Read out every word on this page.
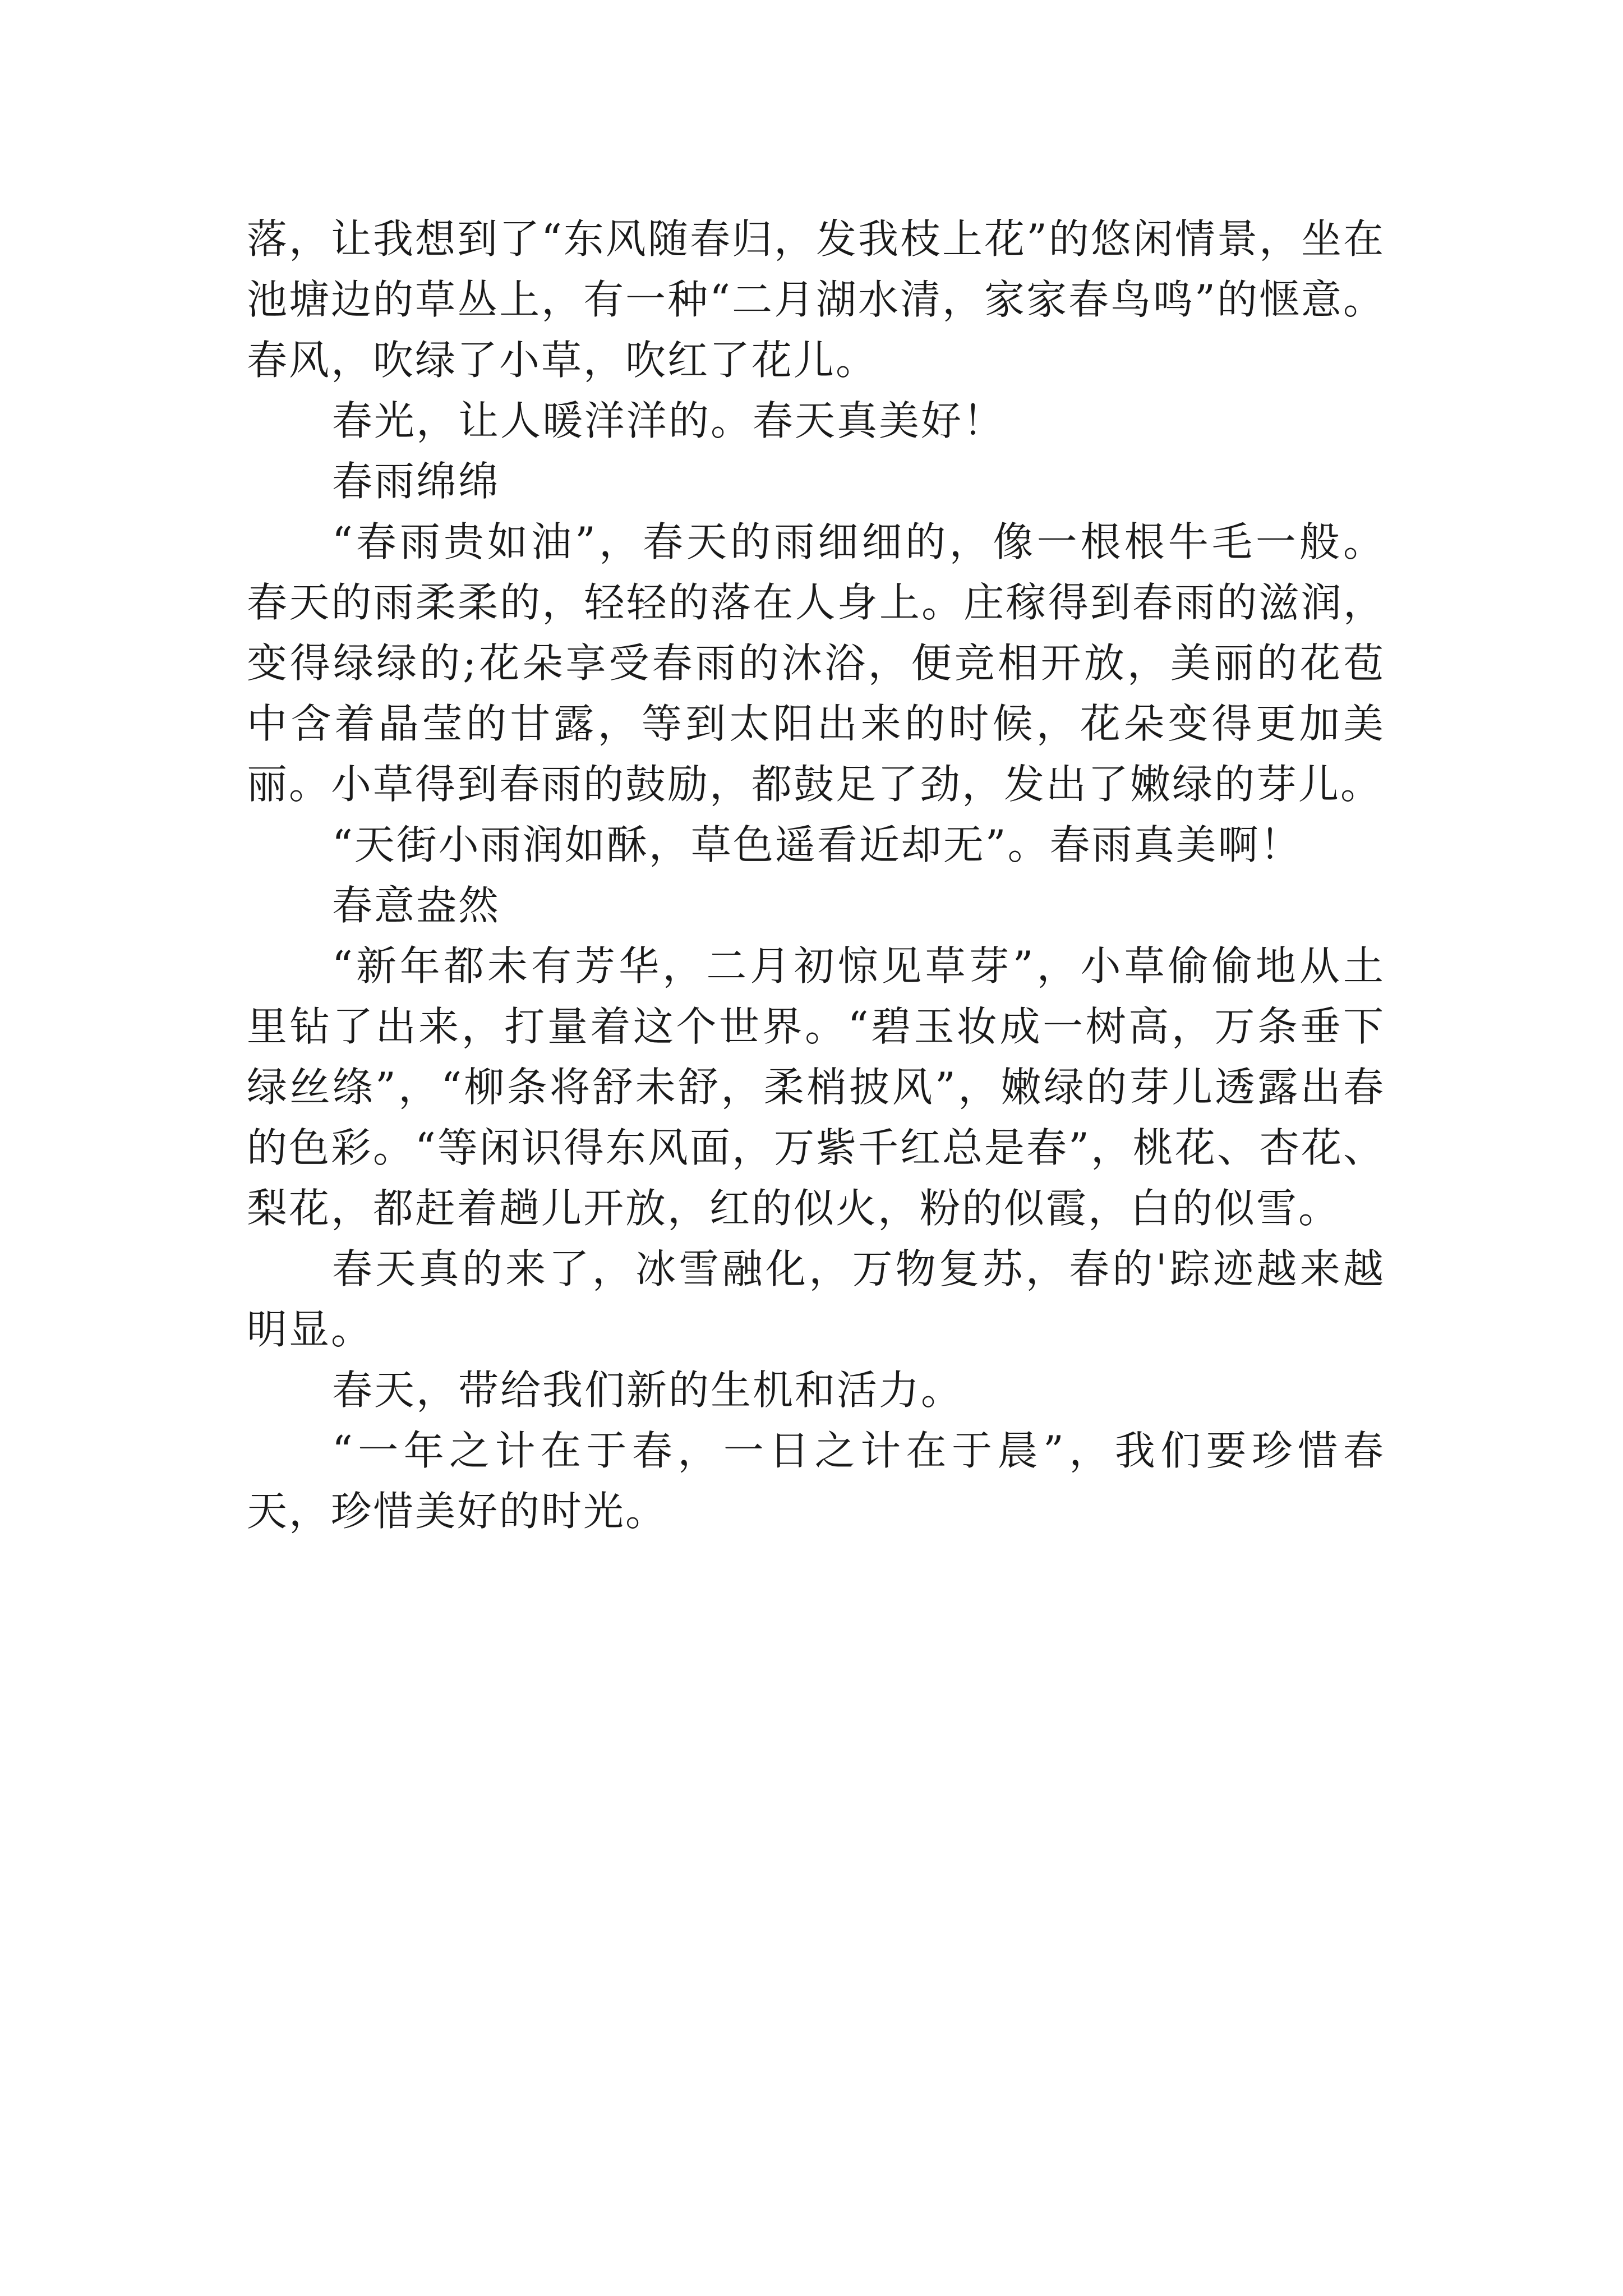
落，让我想到了“东风随春归，发我枝上花”的悠闲情景，坐在池塘边的草丛上，有一种“二月湖水清，家家春鸟鸣”的惬意。春风，吹绿了小草，吹红了花儿。

春光，让人暖洋洋的。春天真美好！

春雨绵绵

“春雨贵如油”，春天的雨细细的，像一根根牛毛一般。春天的雨柔柔的，轻轻的落在人身上。庄稼得到春雨的滋润，变得绿绿的;花朵享受春雨的沐浴，便竞相开放，美丽的花苞中含着晶莹的甘露，等到太阳出来的时候，花朵变得更加美丽。小草得到春雨的鼓励，都鼓足了劲，发出了嫩绿的芽儿。

“天街小雨润如酥，草色遥看近却无”。春雨真美啊！

春意盎然

“新年都未有芳华，二月初惊见草芽”，小草偷偷地从土里钻了出来，打量着这个世界。“碧玉妆成一树高，万条垂下绿丝绦”，“柳条将舒未舒，柔梢披风”，嫩绿的芽儿透露出春的色彩。“等闲识得东风面，万紫千红总是春”，桃花、杏花、梨花，都赶着趟儿开放，红的似火，粉的似霞，白的似雪。

春天真的来了，冰雪融化，万物复苏，春的'踪迹越来越明显。

春天，带给我们新的生机和活力。

“一年之计在于春，一日之计在于晨”，我们要珍惜春天，珍惜美好的时光。
